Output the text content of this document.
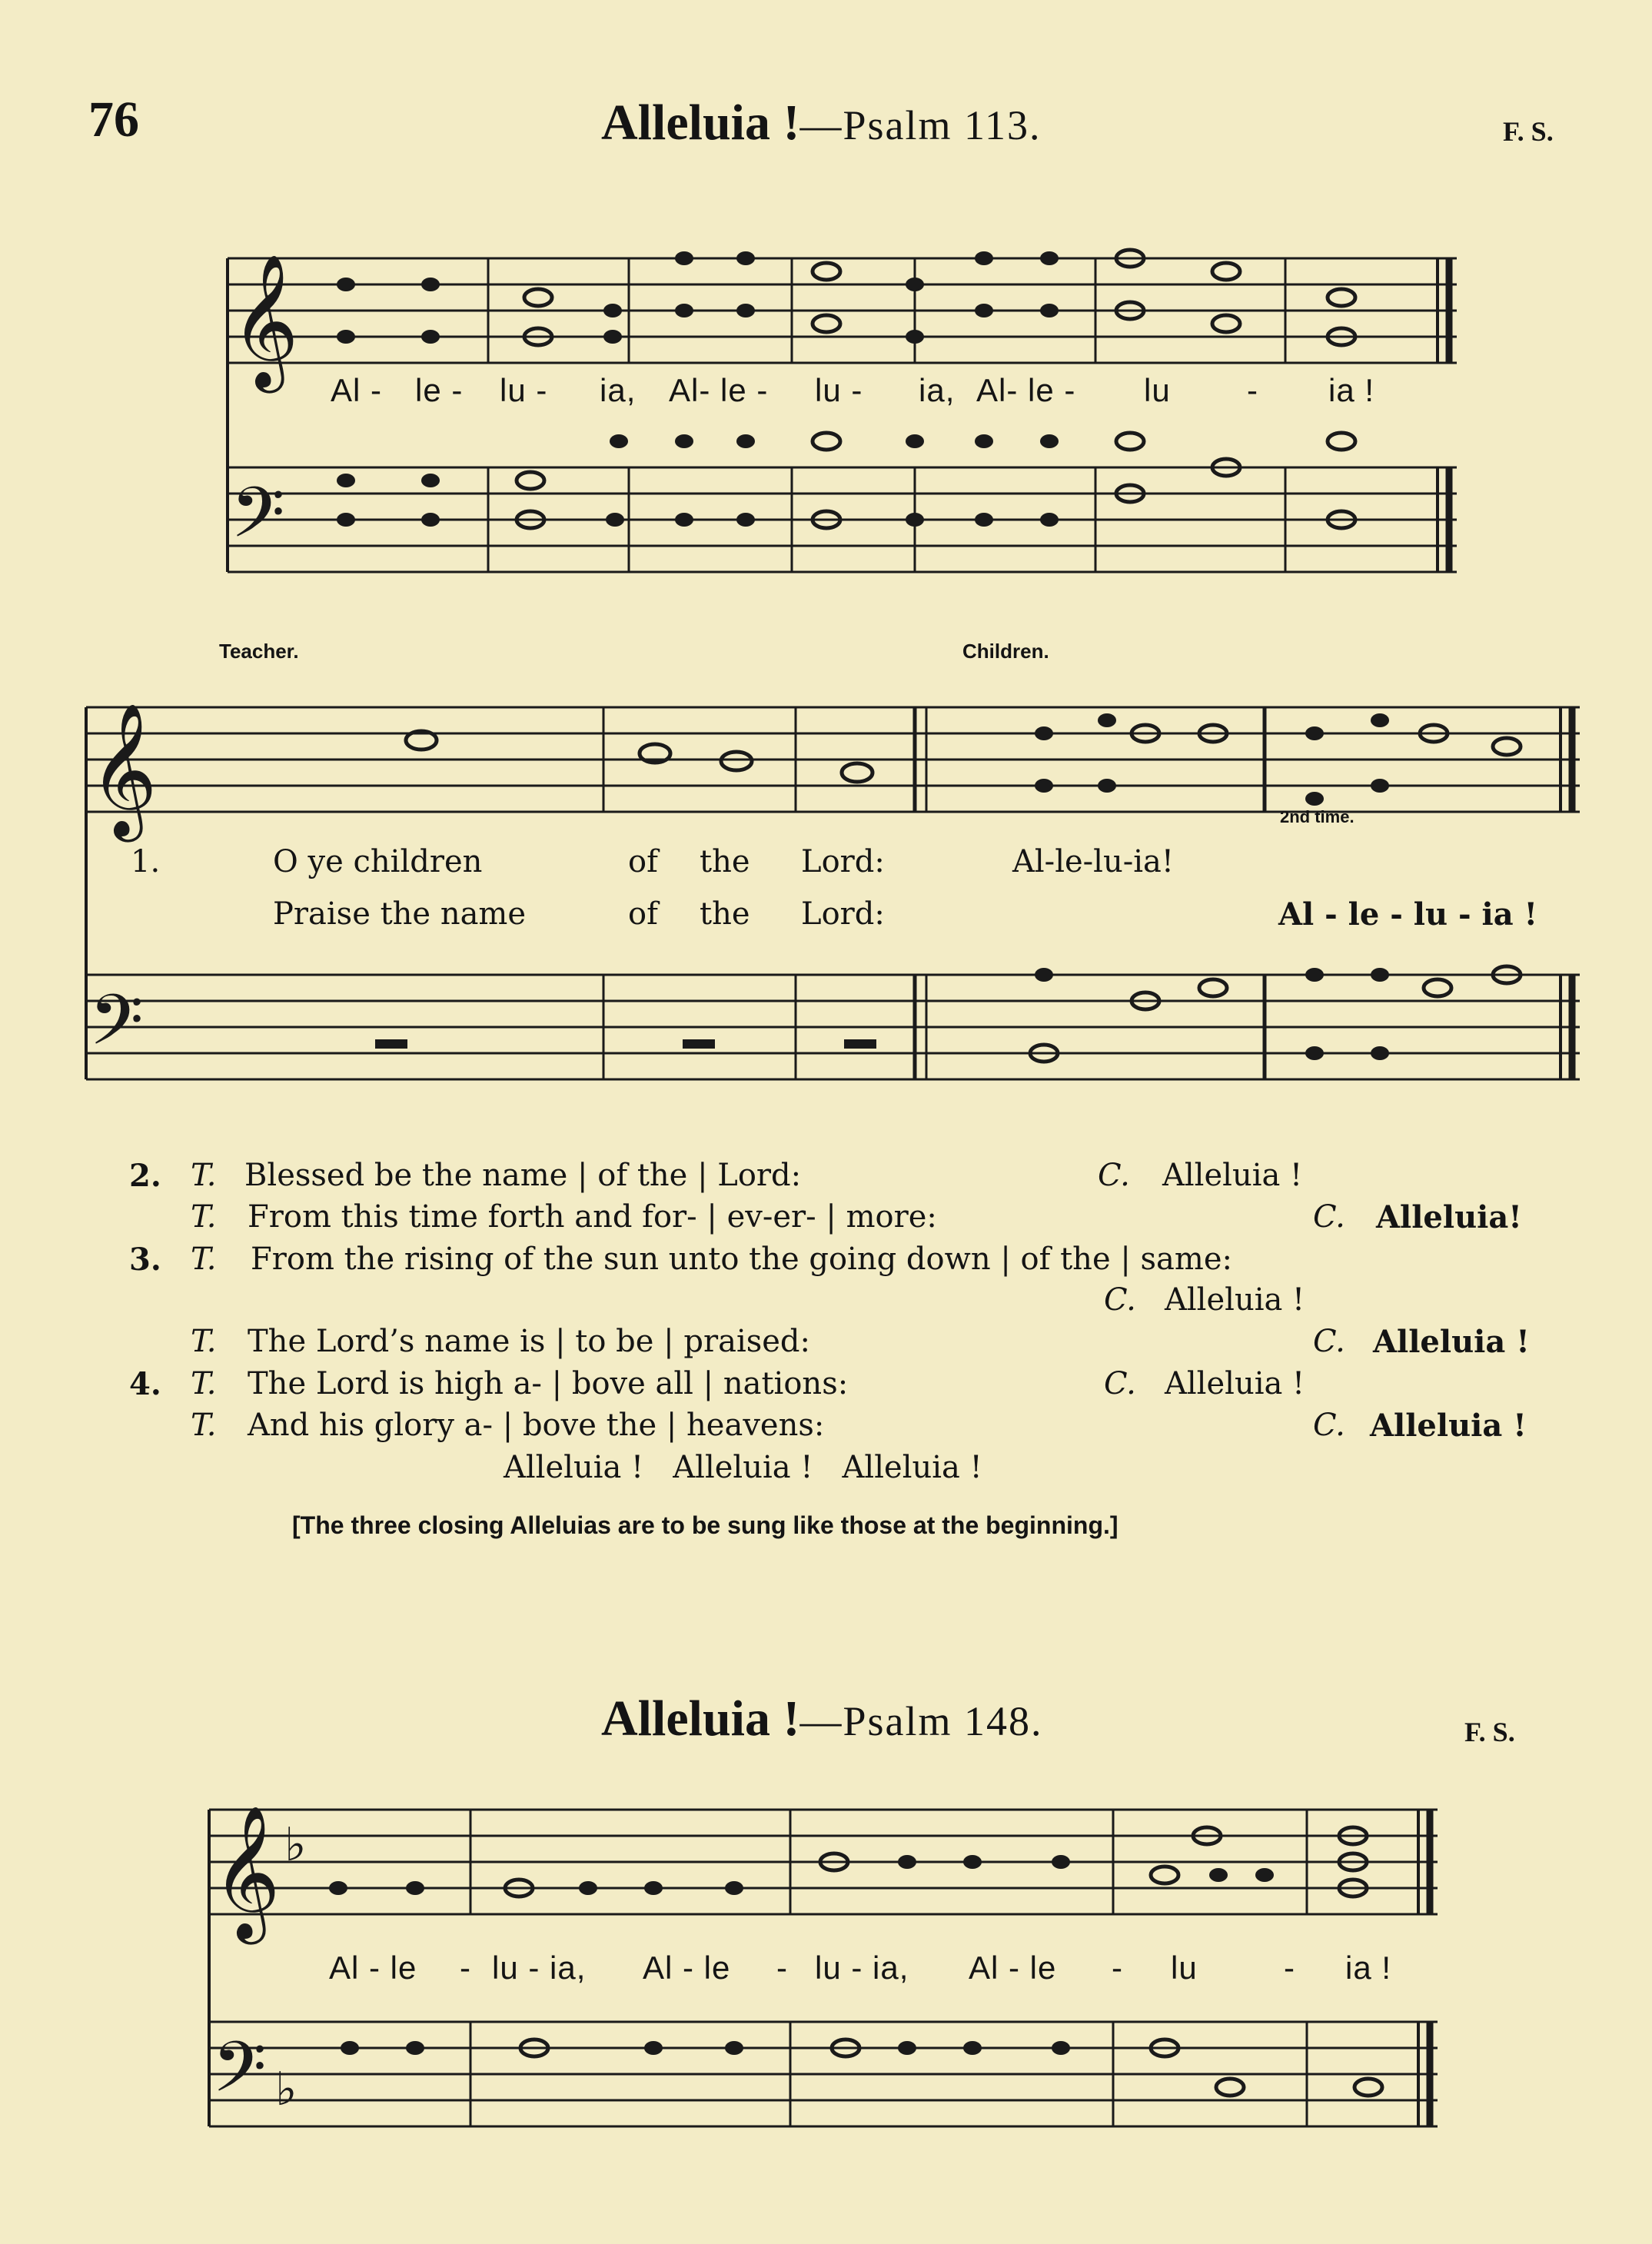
76	Alleluia !—Psalm 113.	F. S.
𝄞
𝄢
𝄞
𝄢
𝄞
𝄢
♭
♭
Al - le - lu - ia, Al- le - lu - ia, Al- le - lu - ia !
Teacher.	Children.
2nd time.
1.	O ye children	of the Lord:	Al-le-lu-ia!
Praise the name	of the Lord:	Al - le - lu - ia !
2. T. Blessed be the name | of the | Lord:	C. Alleluia !
T. From this time forth and for- | ev-er- | more:	C. Alleluia!
3. T. From the rising of the sun unto the going down | of the | same:
C. Alleluia !
T. The Lord’s name is | to be | praised:	C. Alleluia !
4. T. The Lord is high a- | bove all | nations:	C. Alleluia !
T. And his glory a- | bove the | heavens:	C. Alleluia !
Alleluia !   Alleluia !   Alleluia !
[The three closing Alleluias are to be sung like those at the beginning.]
Alleluia !—Psalm 148.	F. S.
Al - le - lu - ia, Al - le - lu - ia, Al - le - lu	- ia !
